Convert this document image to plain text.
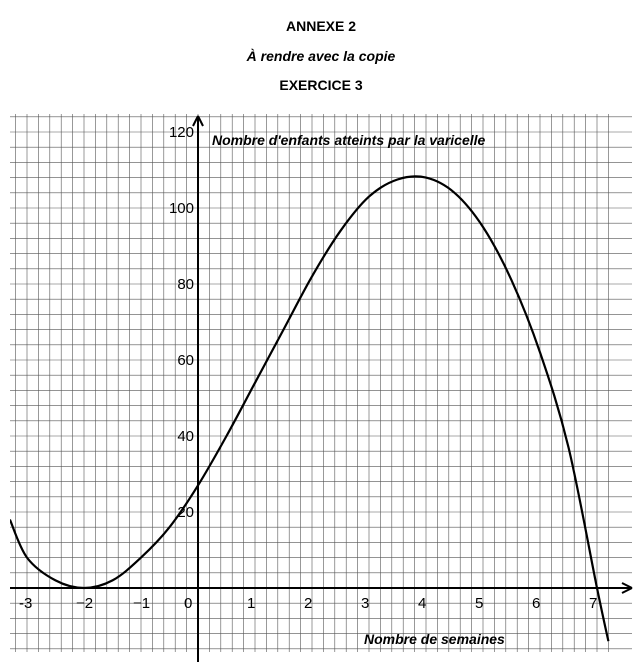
ANNEXE 2
À rendre avec la copie
EXERCICE 3
-3	−2	−1 0	1	2	3	4	5	6	7
20
40
60
80
100
120 Nombre d'enfants atteints par la varicelle
Nombre de semaines
